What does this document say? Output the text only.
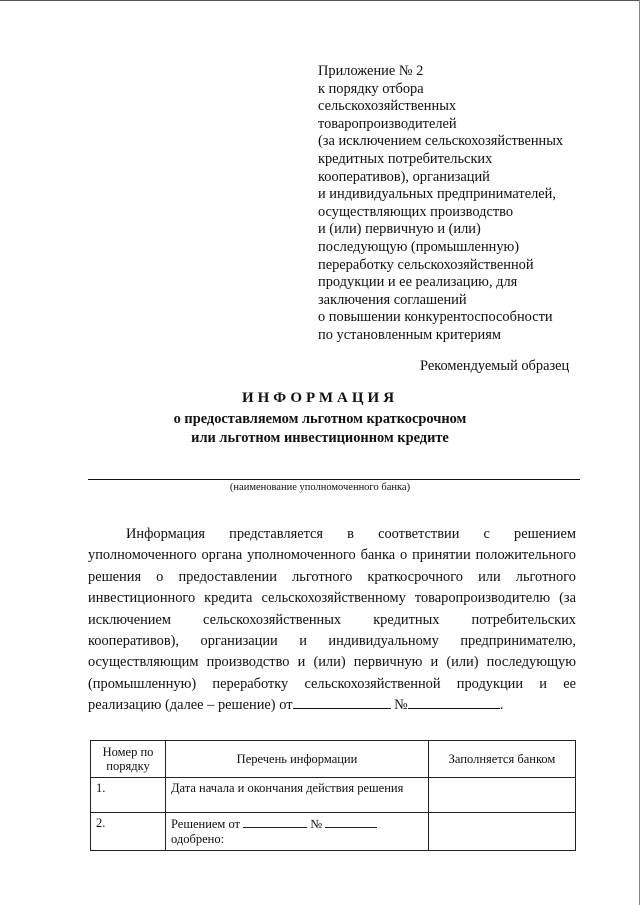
Приложение № 2
к порядку отбора
сельскохозяйственных
товаропроизводителей
(за исключением сельскохозяйственных
кредитных потребительских
кооперативов), организаций
и индивидуальных предпринимателей,
осуществляющих производство
и (или) первичную и (или)
последующую (промышленную)
переработку сельскохозяйственной
продукции и ее реализацию, для
заключения соглашений
о повышении конкурентоспособности
по установленным критериям
Рекомендуемый образец
ИНФОРМАЦИЯ
о предоставляемом льготном краткосрочном
или льготном инвестиционном кредите
(наименование уполномоченного банка)
Информация представляется в соответствии с решением уполномоченного органа уполномоченного банка о принятии положительного решения о предоставлении льготного краткосрочного или льготного инвестиционного кредита сельскохозяйственному товаропроизводителю (за исключением сельскохозяйственных кредитных потребительских кооперативов), организации и индивидуальному предпринимателю, осуществляющим производство и (или) первичную и (или) последующую (промышленную) переработку сельскохозяйственной продукции и ее реализацию (далее – решение) от	№	.
Номер по порядку	Перечень информации	Заполняется банком
1.	Дата начала и окончания действия решения	
2.	Решением от № одобрено:	
